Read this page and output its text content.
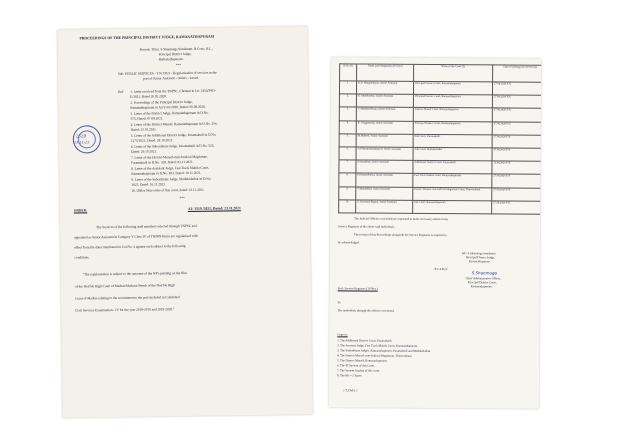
PROCEEDINGS OF THE PRINCIPAL DISTRICT JUDGE, RAMANATHAPURAM
Present: Thiru. S.Shanmuga Sundaram, B.Com., B.L.,
Principal District Judge,
Ramanathapuram.
***
Sub: PUBLIC SERVICES - T.N.J.M.S - Regularisation of services in the
post of Junior Assistant - Orders - issued.
Ref: 1. Letter received from the TNPSC, Chennai in Ltr. 2454/PSD-
E/2021, Dated 20.05.2020.
2. Proceedings of the Principal District Judge,
Ramanathapuram in A3/1141/2020, Dated: 06.08.2020.
3. Letter of the District Judge, Ramanathapuram in D.No.
575, Dated: 07.09.2021.
4. Letter of the District Munsif, Ramanathapuram in D.No. 354,
Dated: 23.10.2021.
5. Letter of the Additional District Judge, Paramakudi in D.No.
1275/2021, Dated: 28.10.2021.
6. Letter of the Subordinate Judge, Paramakudi in D.No. 525,
Dated: 29.10.2021.
7. Letter of the District Munsif-cum-Judicial Magistrate,
Paramakudi in D.No. 328, Dated: 02.11.2021.
8. Letter of the Assistant Judge, Fast Track Mahila Court,
Ramanathapuram in D.No. 853, Dated: 10.11.2021.
9. Letter of the Subordinate Judge, Mudukulathur in D.No.
1023, Dated: 16.11.2021.
10. Office Note order of this court, dated: 23.11.2021.
***
1519
23-11-21
ORDER:	A1/ 1519 /2021, Dated: 23.11.2021
The Services of the following staff members selected through TNPSC and
appointed as Junior Assistant in Category V Class IV of TNJMS Rules are regularised with
effect from the dates mentioned in Col.No. 4 against each subject to the following
conditions.
"The regularisation is subject to the outcome of the WPs pending on the files
of the Hon'ble High Court of Madras/Madurai Bench of the Hon'ble High
Court of Madras relating to the recruitment to the post included in Combined
Civil Services Examination - IV for the year 2018-2019 and 2019-2020."
Sl.No (1)	Name and Designation (Tvl) (2)	Name of the Court (3)	Date of joining into service (4)
1.	K.D. Muppandiyan, Junior Assistant	Principal District Court, Ramanathapuram.	27.08.2020 F.N.
2.	K. Manikandan, Junior Assistant	Principal District Court, Ramanathapuram.	27.08.2020 F.N.
3.	G.Muthukrishnan, Junior Assistant	District Munsif Court, Ramanathapuram.	27.08.2020 F.N.
4.	K. Aruppasamy, Junior Assistant	Principal District Court, Ramanathapuram.	27.08.2020 F.N.
5.	M.Mukesh, Junior Assistant	Sub Court, Paramakudi.	27.08.2020 F.N.
6.	A.P.Narayanasathyavel, Junior Assistant	Sub Court, Mudukulathur	27.08.2020 F.N.
7.	P.Surendran, Junior Assistant	Additional District Court, Paramakudi.	13.08.2020 F.N.
8.	P.Dhanasekaran, Junior Assistant	Fast Track Mahila Court, Ramanathapuram.	27.08.2020 F.N.
9.	V.Muralidhar, Junior Assistant	District Munsif-cum-Judicial Magistrate Court, Thiruvadanai.	27.08.2020 F.N.
10.	S. Saravana Begam, Junior Assistant	Sub Court, Ramanathapuram	27.08.2020 F.N.
The Judicial Officers concerned are requested to make necessary entries in the
Service Registers of the above said individuals.
The receipt of this Proceedings alongwith the Service Registers is required to
be acknowledged.
Sd/- S.Shanmuga Sundaram
Principal District Judge,
Ramanathapuram.
/T.C.F.B.O/
S.Shanmuga
Chief Administrative Officer,
Principal District Court,
Ramanathapuram.
Encl: Service Registers (10 Nos.)
To
The individuals through the officers concerned.
Copy to:
1. The Additional District Court, Paramakudi.
2. The Sessions Judge, Fast Track Mahila Court, Ramanathapuram.
3. The Subordinate Judges, Ramanathapuram, Paramakudi and Mudukulathur.
4. The District Munsif-cum-Judicial Magistrate, Thiruvadanai.
5. The District Munsif, Ramanathapuram.
6. The 'B' Section of this Court.
7. The System Analyst of this court.
8. The file + 2 Spare.
// T.Y.M.S.//
